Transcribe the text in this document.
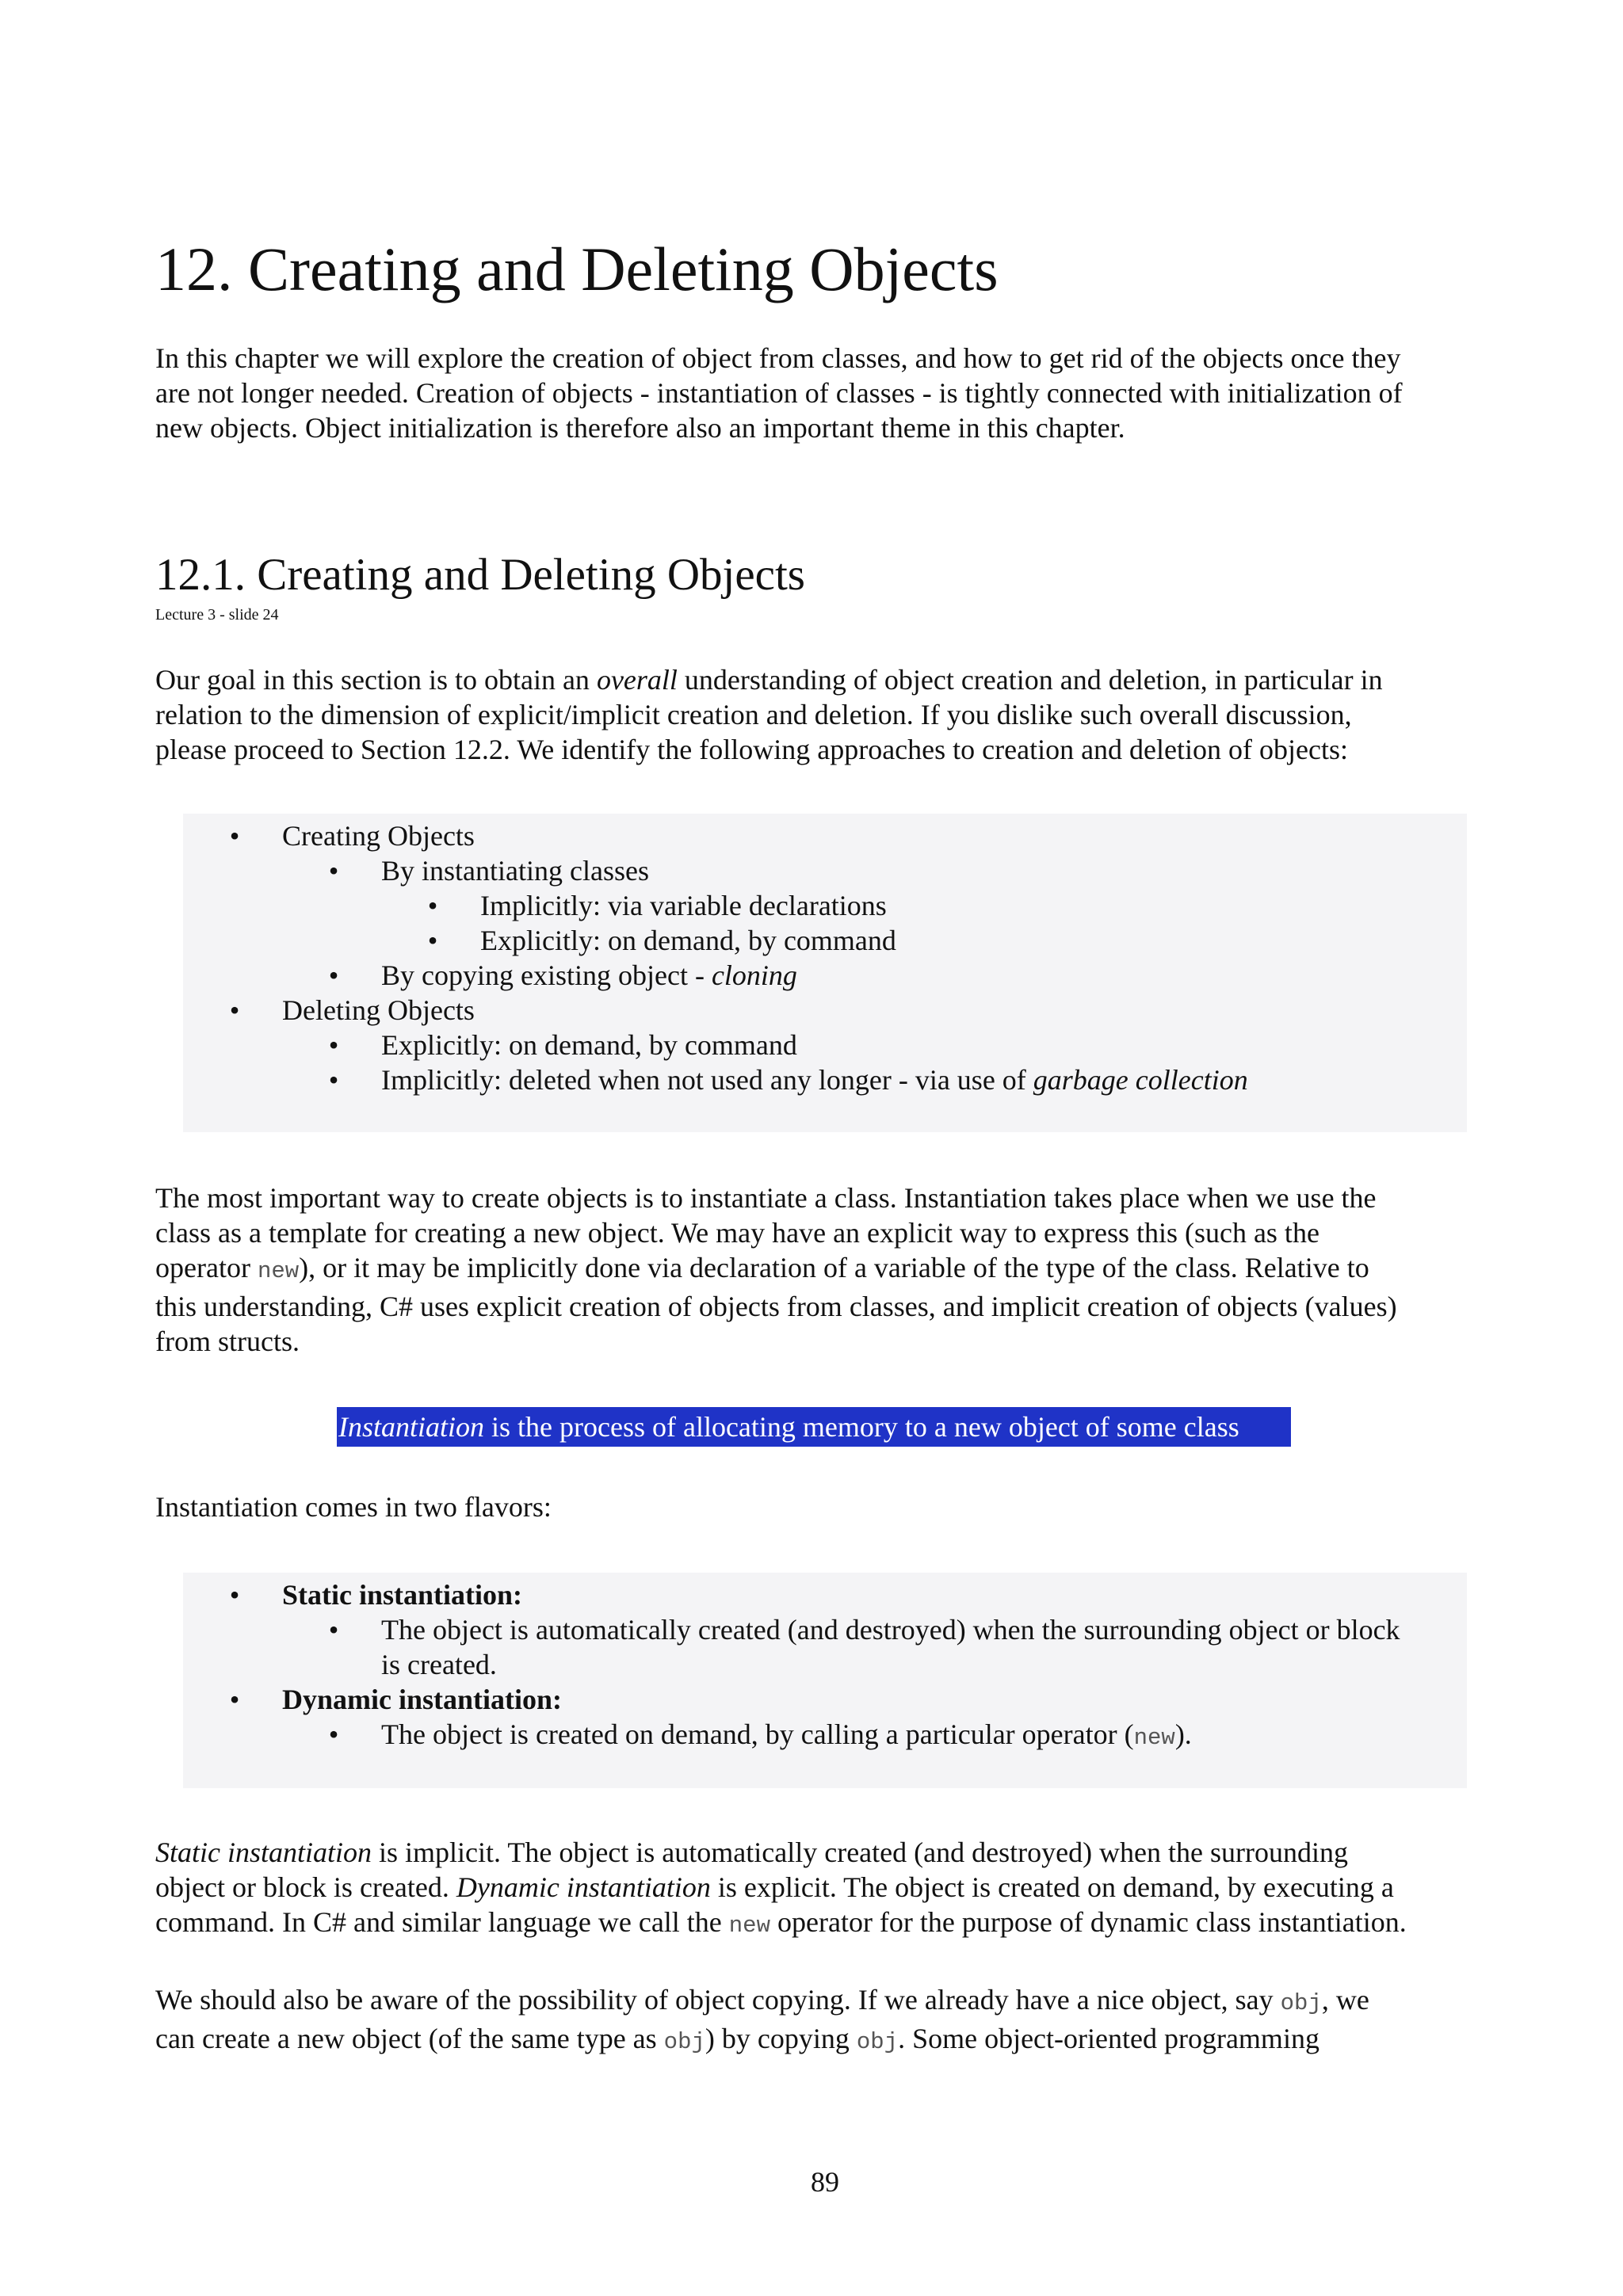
12. Creating and Deleting Objects

In this chapter we will explore the creation of object from classes, and how to get rid of the objects once they

are not longer needed. Creation of objects - instantiation of classes - is tightly connected with initialization of

new objects. Object initialization is therefore also an important theme in this chapter.

12.1. Creating and Deleting Objects
Lecture 3 - slide 24

Our goal in this section is to obtain an overall understanding of object creation and deletion, in particular in

relation to the dimension of explicit/implicit creation and deletion. If you dislike such overall discussion,

please proceed to Section 12.2. We identify the following approaches to creation and deletion of objects:

• Creating Objects
• By instantiating classes
• Implicitly: via variable declarations
• Explicitly: on demand, by command
• By copying existing object - cloning
• Deleting Objects
• Explicitly: on demand, by command
• Implicitly: deleted when not used any longer - via use of garbage collection

The most important way to create objects is to instantiate a class. Instantiation takes place when we use the

class as a template for creating a new object. We may have an explicit way to express this (such as the

operator new), or it may be implicitly done via declaration of a variable of the type of the class. Relative to

this understanding, C# uses explicit creation of objects from classes, and implicit creation of objects (values)

from structs.

Instantiation is the process of allocating memory to a new object of some class

Instantiation comes in two flavors:

• Static instantiation:
• The object is automatically created (and destroyed) when the surrounding object or block
is created.
• Dynamic instantiation:
• The object is created on demand, by calling a particular operator (new).

Static instantiation is implicit. The object is automatically created (and destroyed) when the surrounding

object or block is created. Dynamic instantiation is explicit. The object is created on demand, by executing a

command. In C# and similar language we call the new operator for the purpose of dynamic class instantiation.

We should also be aware of the possibility of object copying. If we already have a nice object, say obj, we

can create a new object (of the same type as obj) by copying obj. Some object-oriented programming

89
